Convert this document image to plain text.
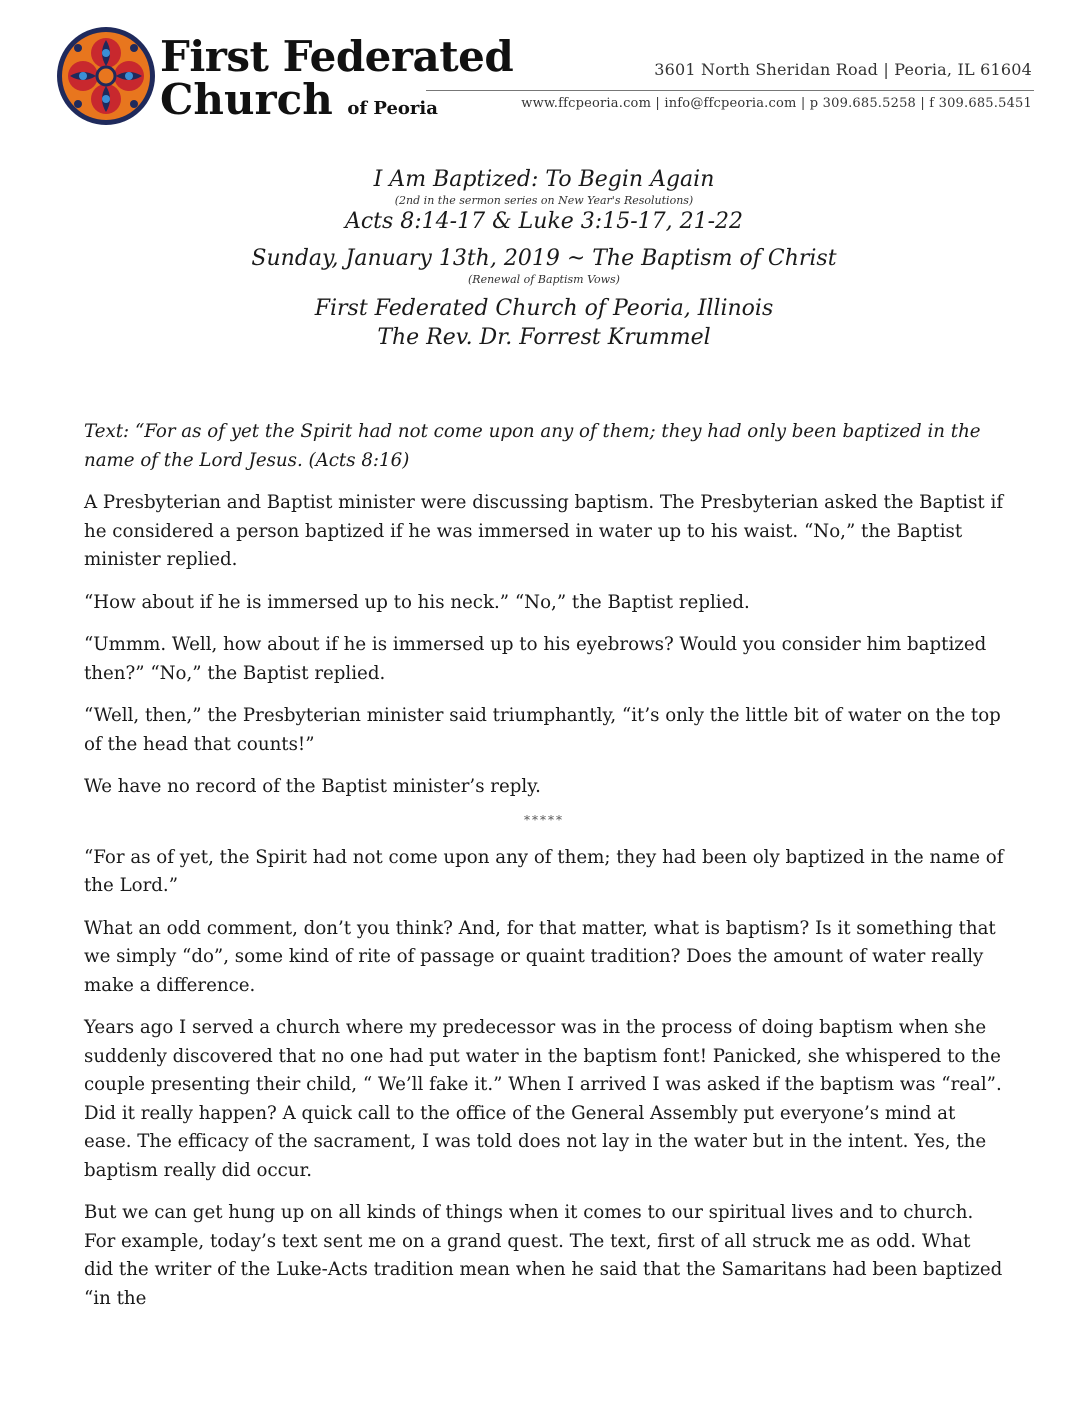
First Federated
Church of Peoria
3601 North Sheridan Road | Peoria, IL 61604
www.ffcpeoria.com | info@ffcpeoria.com | p 309.685.5258 | f 309.685.5451
I Am Baptized: To Begin Again
(2nd in the sermon series on New Year's Resolutions)
Acts 8:14-17 & Luke 3:15-17, 21-22
Sunday, January 13th, 2019 ~ The Baptism of Christ
(Renewal of Baptism Vows)
First Federated Church of Peoria, Illinois
The Rev. Dr. Forrest Krummel

Text: “For as of yet the Spirit had not come upon any of them; they had only been baptized in the name of the Lord Jesus. (Acts 8:16)

A Presbyterian and Baptist minister were discussing baptism. The Presbyterian asked the Baptist if he considered a person baptized if he was immersed in water up to his waist. “No,” the Baptist minister replied.

“How about if he is immersed up to his neck.” “No,” the Baptist replied.

“Ummm. Well, how about if he is immersed up to his eyebrows? Would you consider him baptized then?” “No,” the Baptist replied.

“Well, then,” the Presbyterian minister said triumphantly, “it’s only the little bit of water on the top of the head that counts!”

We have no record of the Baptist minister’s reply.

*****

“For as of yet, the Spirit had not come upon any of them; they had been oly baptized in the name of the Lord.”

What an odd comment, don’t you think? And, for that matter, what is baptism? Is it something that we simply “do”, some kind of rite of passage or quaint tradition? Does the amount of water really make a difference.

Years ago I served a church where my predecessor was in the process of doing baptism when she suddenly discovered that no one had put water in the baptism font! Panicked, she whispered to the couple presenting their child, “ We’ll fake it.” When I arrived I was asked if the baptism was “real”. Did it really happen? A quick call to the office of the General Assembly put everyone’s mind at ease. The efficacy of the sacrament, I was told does not lay in the water but in the intent. Yes, the baptism really did occur.

But we can get hung up on all kinds of things when it comes to our spiritual lives and to church. For example, today’s text sent me on a grand quest. The text, first of all struck me as odd. What did the writer of the Luke-Acts tradition mean when he said that the Samaritans had been baptized “in the
